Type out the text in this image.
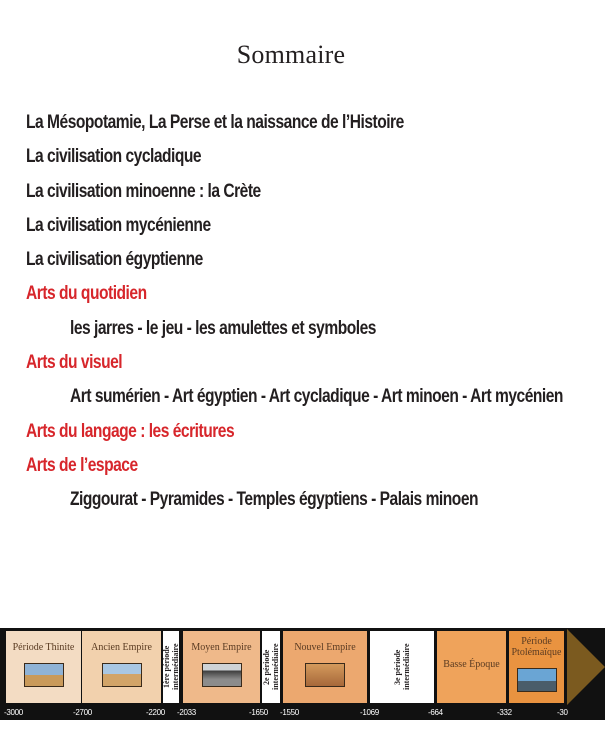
Sommaire
La Mésopotamie, La Perse et la naissance de l’Histoire
La civilisation cycladique
La civilisation minoenne : la Crète
La civilisation mycénienne
La civilisation égyptienne
Arts du quotidien
les jarres - le jeu - les amulettes et symboles
Arts du visuel
Art sumérien - Art égyptien - Art cycladique - Art minoen - Art mycénien
Arts du langage : les écritures
Arts de l’espace
Ziggourat - Pyramides - Temples égyptiens - Palais minoen
Période Thinite Ancien Empire 1ère période intermédiaire Moyen Empire
2e période intermédiaire Nouvel Empire
3e période intermédiaire	Basse Époque
Période Ptolémaïque
-3000	-2700	-2200 -2033	-1650 -1550	-1069	-664	-332	-30
